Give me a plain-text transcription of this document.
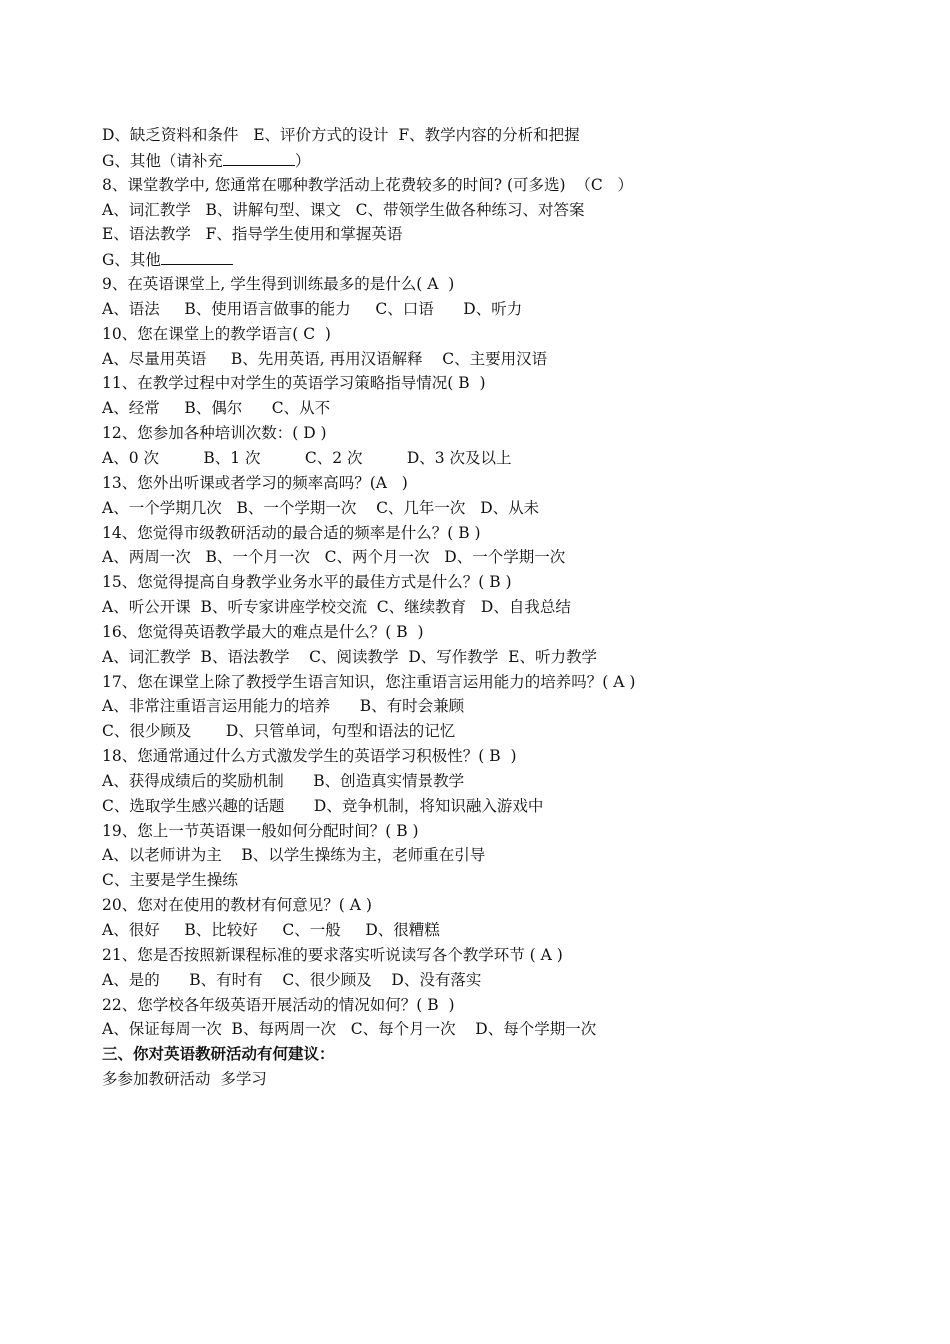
D、缺乏资料和条件   E、评价方式的设计  F、教学内容的分析和把握
G、其他（请补充	）
8、课堂教学中, 您通常在哪种教学活动上花费较多的时间? (可多选)  （C   ）
A、词汇教学   B、讲解句型、课文   C、带领学生做各种练习、对答案
E、语法教学   F、指导学生使用和掌握英语
G、其他
9、在英语课堂上, 学生得到训练最多的是什么( A  )
A、语法     B、使用语言做事的能力     C、口语      D、听力
10、您在课堂上的教学语言( C  )
A、尽量用英语     B、先用英语, 再用汉语解释    C、主要用汉语
11、在教学过程中对学生的英语学习策略指导情况( B  )
A、经常     B、偶尔      C、从不
12、您参加各种培训次数：( D )
A、0 次         B、1 次         C、2 次         D、3 次及以上
13、您外出听课或者学习的频率高吗？(A   )
A、一个学期几次   B、一个学期一次    C、几年一次   D、从未
14、您觉得市级教研活动的最合适的频率是什么？( B )
A、两周一次   B、一个月一次   C、两个月一次   D、一个学期一次
15、您觉得提高自身教学业务水平的最佳方式是什么？( B )
A、听公开课  B、听专家讲座学校交流  C、继续教育   D、自我总结
16、您觉得英语教学最大的难点是什么？( B  )
A、词汇教学  B、语法教学    C、阅读教学  D、写作教学  E、听力教学
17、您在课堂上除了教授学生语言知识，您注重语言运用能力的培养吗？( A )
A、非常注重语言运用能力的培养      B、有时会兼顾
C、很少顾及       D、只管单词，句型和语法的记忆
18、您通常通过什么方式激发学生的英语学习积极性？( B  )
A、获得成绩后的奖励机制      B、创造真实情景教学
C、选取学生感兴趣的话题      D、竞争机制，将知识融入游戏中
19、您上一节英语课一般如何分配时间？( B )
A、以老师讲为主    B、以学生操练为主，老师重在引导
C、主要是学生操练
20、您对在使用的教材有何意见？( A )
A、很好     B、比较好     C、一般     D、很糟糕
21、您是否按照新课程标准的要求落实听说读写各个教学环节 ( A )
A、是的      B、有时有    C、很少顾及    D、没有落实
22、您学校各年级英语开展活动的情况如何？( B  )
A、保证每周一次  B、每两周一次   C、每个月一次    D、每个学期一次
三、你对英语教研活动有何建议：
多参加教研活动  多学习
